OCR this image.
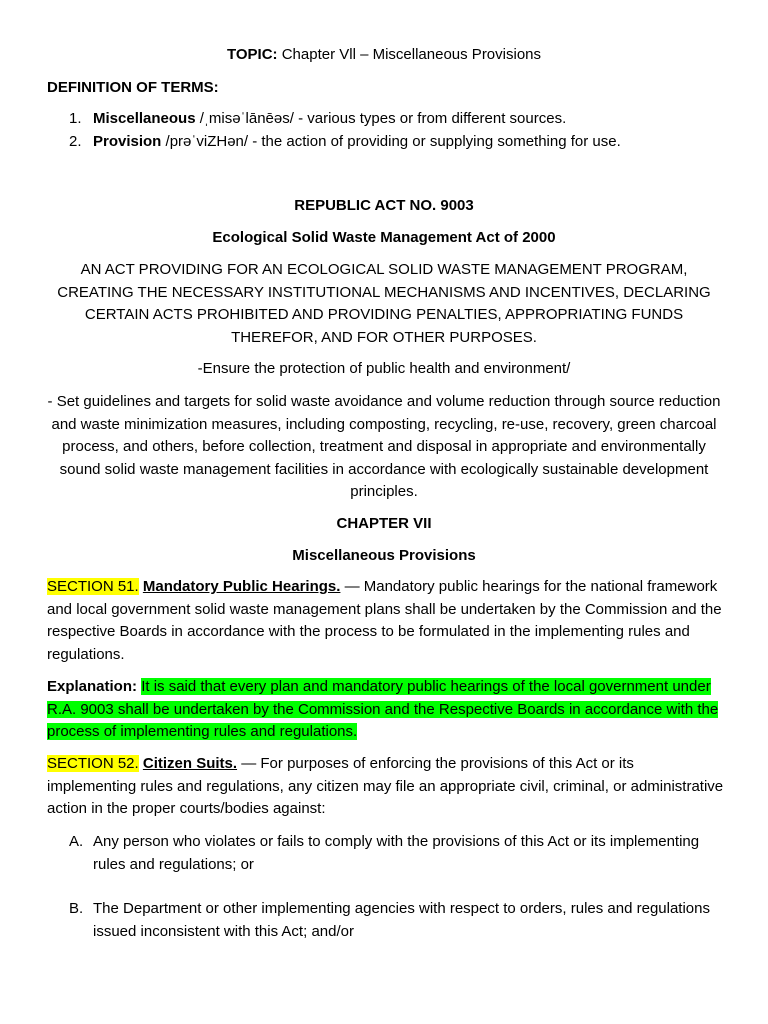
TOPIC: Chapter Vll – Miscellaneous Provisions

DEFINITION OF TERMS:

1. Miscellaneous /ˌmisəˈlānēəs/ - various types or from different sources.
2. Provision /prəˈviZHən/ - the action of providing or supplying something for use.

REPUBLIC ACT NO. 9003

Ecological Solid Waste Management Act of 2000

AN ACT PROVIDING FOR AN ECOLOGICAL SOLID WASTE MANAGEMENT PROGRAM, CREATING THE NECESSARY INSTITUTIONAL MECHANISMS AND INCENTIVES, DECLARING CERTAIN ACTS PROHIBITED AND PROVIDING PENALTIES, APPROPRIATING FUNDS THEREFOR, AND FOR OTHER PURPOSES.

-Ensure the protection of public health and environment/

- Set guidelines and targets for solid waste avoidance and volume reduction through source reduction and waste minimization measures, including composting, recycling, re-use, recovery, green charcoal process, and others, before collection, treatment and disposal in appropriate and environmentally sound solid waste management facilities in accordance with ecologically sustainable development principles.

CHAPTER VII

Miscellaneous Provisions

SECTION 51. Mandatory Public Hearings. — Mandatory public hearings for the national framework and local government solid waste management plans shall be undertaken by the Commission and the respective Boards in accordance with the process to be formulated in the implementing rules and regulations.

Explanation: It is said that every plan and mandatory public hearings of the local government under R.A. 9003 shall be undertaken by the Commission and the Respective Boards in accordance with the process of implementing rules and regulations.

SECTION 52. Citizen Suits. — For purposes of enforcing the provisions of this Act or its implementing rules and regulations, any citizen may file an appropriate civil, criminal, or administrative action in the proper courts/bodies against:

A. Any person who violates or fails to comply with the provisions of this Act or its implementing rules and regulations; or
B. The Department or other implementing agencies with respect to orders, rules and regulations issued inconsistent with this Act; and/or
